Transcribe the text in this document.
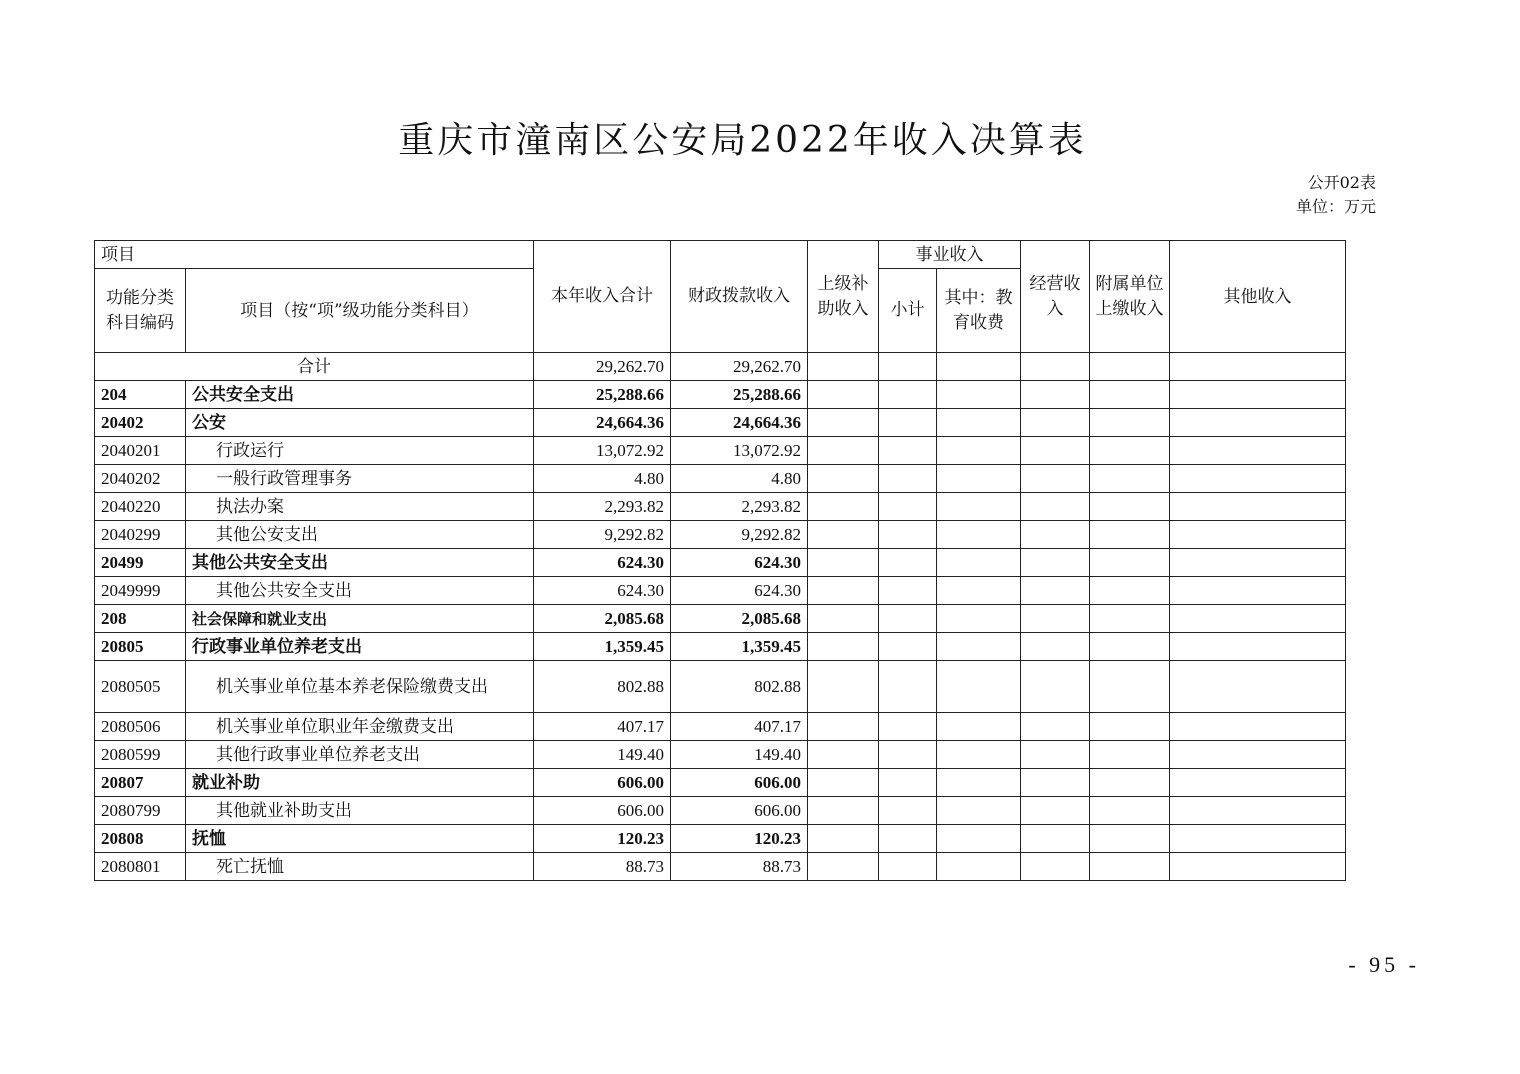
重庆市潼南区公安局2022年收入决算表
公开02表
单位：万元
项目		本年收入合计	财政拨款收入	上级补助收入	事业收入		经营收入	附属单位上缴收入	其他收入
功能分类科目编码	项目（按“项”级功能分类科目）				小计	其中：教育收费			
合计		29,262.70	29,262.70						
204	公共安全支出	25,288.66	25,288.66						
20402	公安	24,664.36	24,664.36						
2040201	行政运行	13,072.92	13,072.92						
2040202	一般行政管理事务	4.80	4.80						
2040220	执法办案	2,293.82	2,293.82						
2040299	其他公安支出	9,292.82	9,292.82						
20499	其他公共安全支出	624.30	624.30						
2049999	其他公共安全支出	624.30	624.30						
208	社会保障和就业支出	2,085.68	2,085.68						
20805	行政事业单位养老支出	1,359.45	1,359.45						
2080505	机关事业单位基本养老保险缴费支出	802.88	802.88						
2080506	机关事业单位职业年金缴费支出	407.17	407.17						
2080599	其他行政事业单位养老支出	149.40	149.40						
20807	就业补助	606.00	606.00						
2080799	其他就业补助支出	606.00	606.00						
20808	抚恤	120.23	120.23						
2080801	死亡抚恤	88.73	88.73						
- 95 -
